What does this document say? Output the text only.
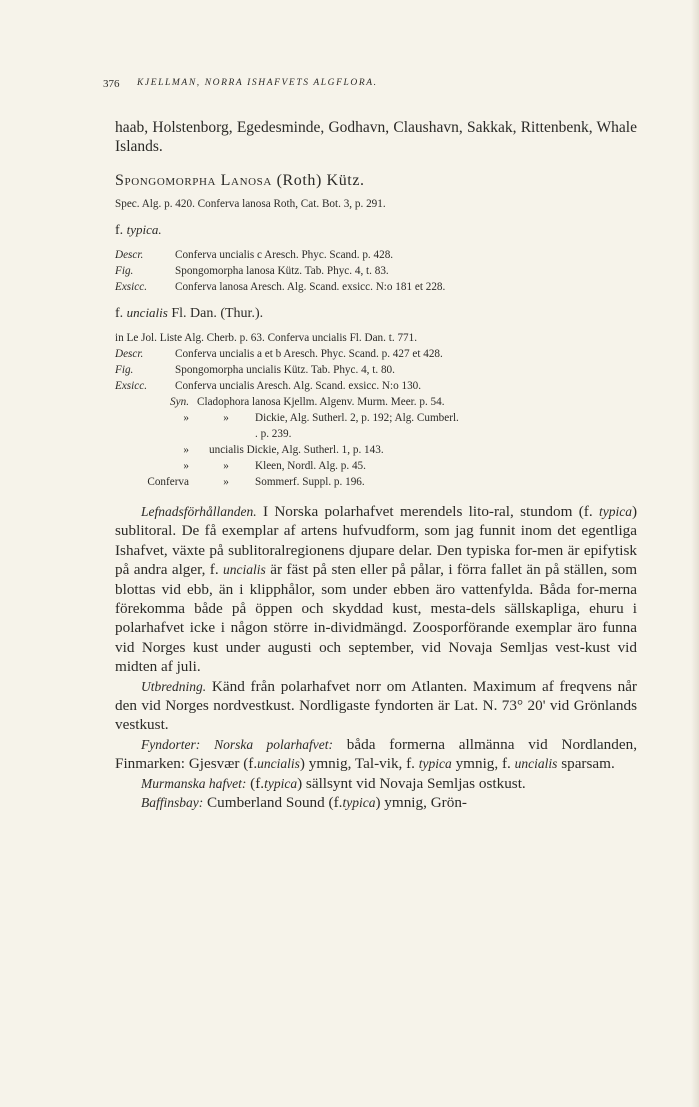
376 KJELLMAN, NORRA ISHAFVETS ALGFLORA.

haab, Holstenborg, Egedesminde, Godhavn, Claushavn, Sakkak, Rittenbenk, Whale Islands.

Spongomorpha Lanosa (Roth) Kütz.

Spec. Alg. p. 420. Conferva lanosa Roth, Cat. Bot. 3, p. 291.

f. typica.
Descr.	Conferva uncialis c Aresch. Phyc. Scand. p. 428.
Fig.	Spongomorpha lanosa Kütz. Tab. Phyc. 4, t. 83.
Exsicc.	Conferva lanosa Aresch. Alg. Scand. exsicc. N:o 181 et 228.
f. uncialis Fl. Dan. (Thur.).

in Le Jol. Liste Alg. Cherb. p. 63. Conferva uncialis Fl. Dan. t. 771.

Descr.	Conferva uncialis a et b Aresch. Phyc. Scand. p. 427 et 428.
Fig.	Spongomorpha uncialis Kütz. Tab. Phyc. 4, t. 80.
Exsicc.	Conferva uncialis Aresch. Alg. Scand. exsicc. N:o 130.
Syn. Cladophora lanosa Kjellm. Algenv. Murm. Meer. p. 54.
»	»	Dickie, Alg. Sutherl. 2, p. 192; Alg. Cumberl.
. p. 239.
»	uncialis Dickie, Alg. Sutherl. 1, p. 143.
»	»	Kleen, Nordl. Alg. p. 45.
Conferva	»	Sommerf. Suppl. p. 196.

Lefnadsförhållanden. I Norska polarhafvet merendels lito-ral, stundom (f. typica) sublitoral. De få exemplar af artens hufvudform, som jag funnit inom det egentliga Ishafvet, växte på sublitoralregionens djupare delar. Den typiska for-men är epifytisk på andra alger, f. uncialis är fäst på sten eller på pålar, i förra fallet än på ställen, som blottas vid ebb, än i klipphålor, som under ebben äro vattenfylda. Båda for-merna förekomma både på öppen och skyddad kust, mesta-dels sällskapliga, ehuru i polarhafvet icke i någon större in-dividmängd. Zoosporförande exemplar äro funna vid Norges kust under augusti och september, vid Novaja Semljas vest-kust vid midten af juli.

Utbredning. Känd från polarhafvet norr om Atlanten. Maximum af freqvens når den vid Norges nordvestkust. Nordligaste fyndorten är Lat. N. 73° 20' vid Grönlands vestkust.

Fyndorter: Norska polarhafvet: båda formerna allmänna vid Nordlanden, Finmarken: Gjesvær (f.uncialis) ymnig, Tal-vik, f. typica ymnig, f. uncialis sparsam.

Murmanska hafvet: (f.typica) sällsynt vid Novaja Semljas ostkust.

Baffinsbay: Cumberland Sound (f.typica) ymnig, Grön-
